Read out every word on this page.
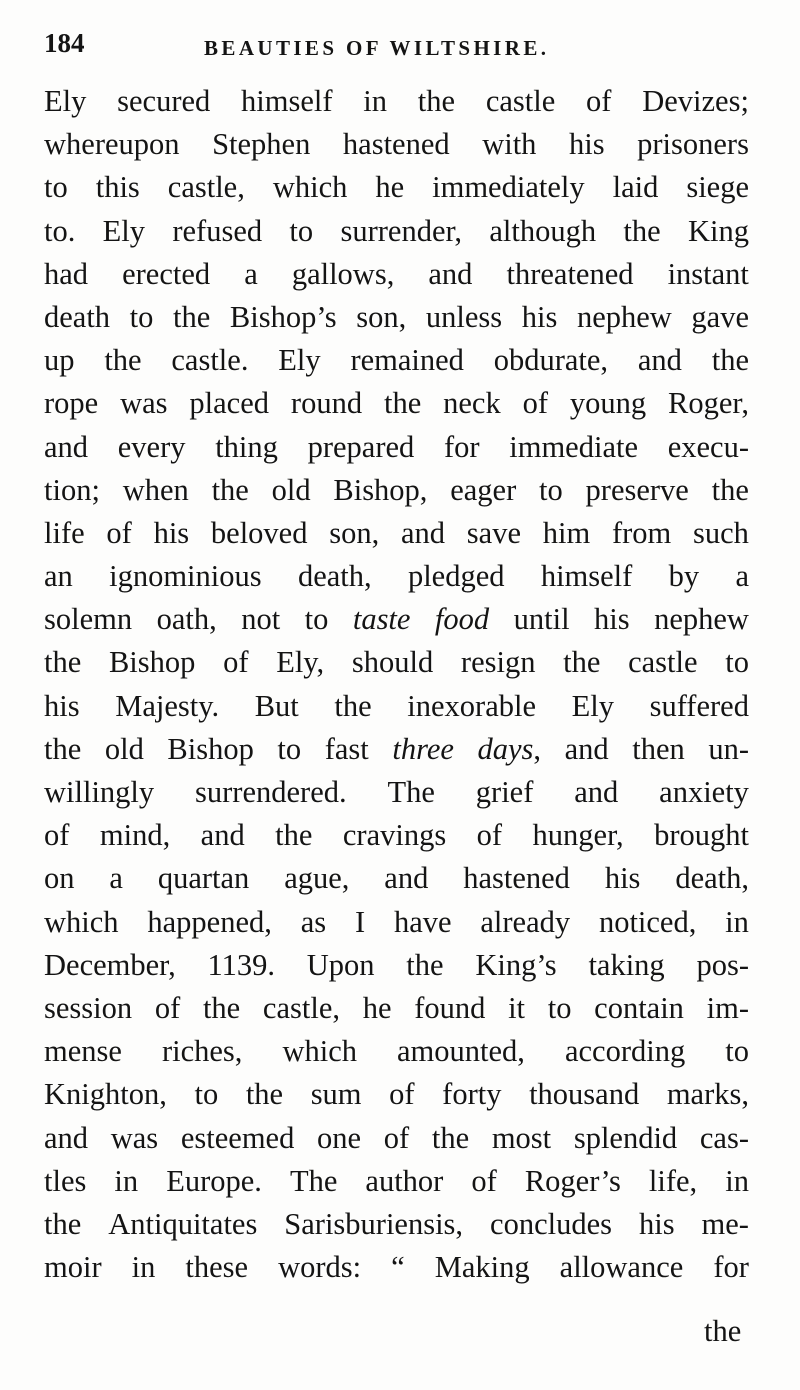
184	BEAUTIES OF WILTSHIRE.
Ely secured himself in the castle of Devizes;
whereupon Stephen hastened with his prisoners
to this castle, which he immediately laid siege
to. Ely refused to surrender, although the King
had erected a gallows, and threatened instant
death to the Bishop’s son, unless his nephew gave
up the castle. Ely remained obdurate, and the
rope was placed round the neck of young Roger,
and every thing prepared for immediate execu-
tion; when the old Bishop, eager to preserve the
life of his beloved son, and save him from such
an ignominious death, pledged himself by a
solemn oath, not to taste food until his nephew
the Bishop of Ely, should resign the castle to
his Majesty. But the inexorable Ely suffered
the old Bishop to fast three days, and then un-
willingly surrendered. The grief and anxiety
of mind, and the cravings of hunger, brought
on a quartan ague, and hastened his death,
which happened, as I have already noticed, in
December, 1139. Upon the King’s taking pos-
session of the castle, he found it to contain im-
mense riches, which amounted, according to
Knighton, to the sum of forty thousand marks,
and was esteemed one of the most splendid cas-
tles in Europe. The author of Roger’s life, in
the Antiquitates Sarisburiensis, concludes his me-
moir in these words: “ Making allowance for
the
